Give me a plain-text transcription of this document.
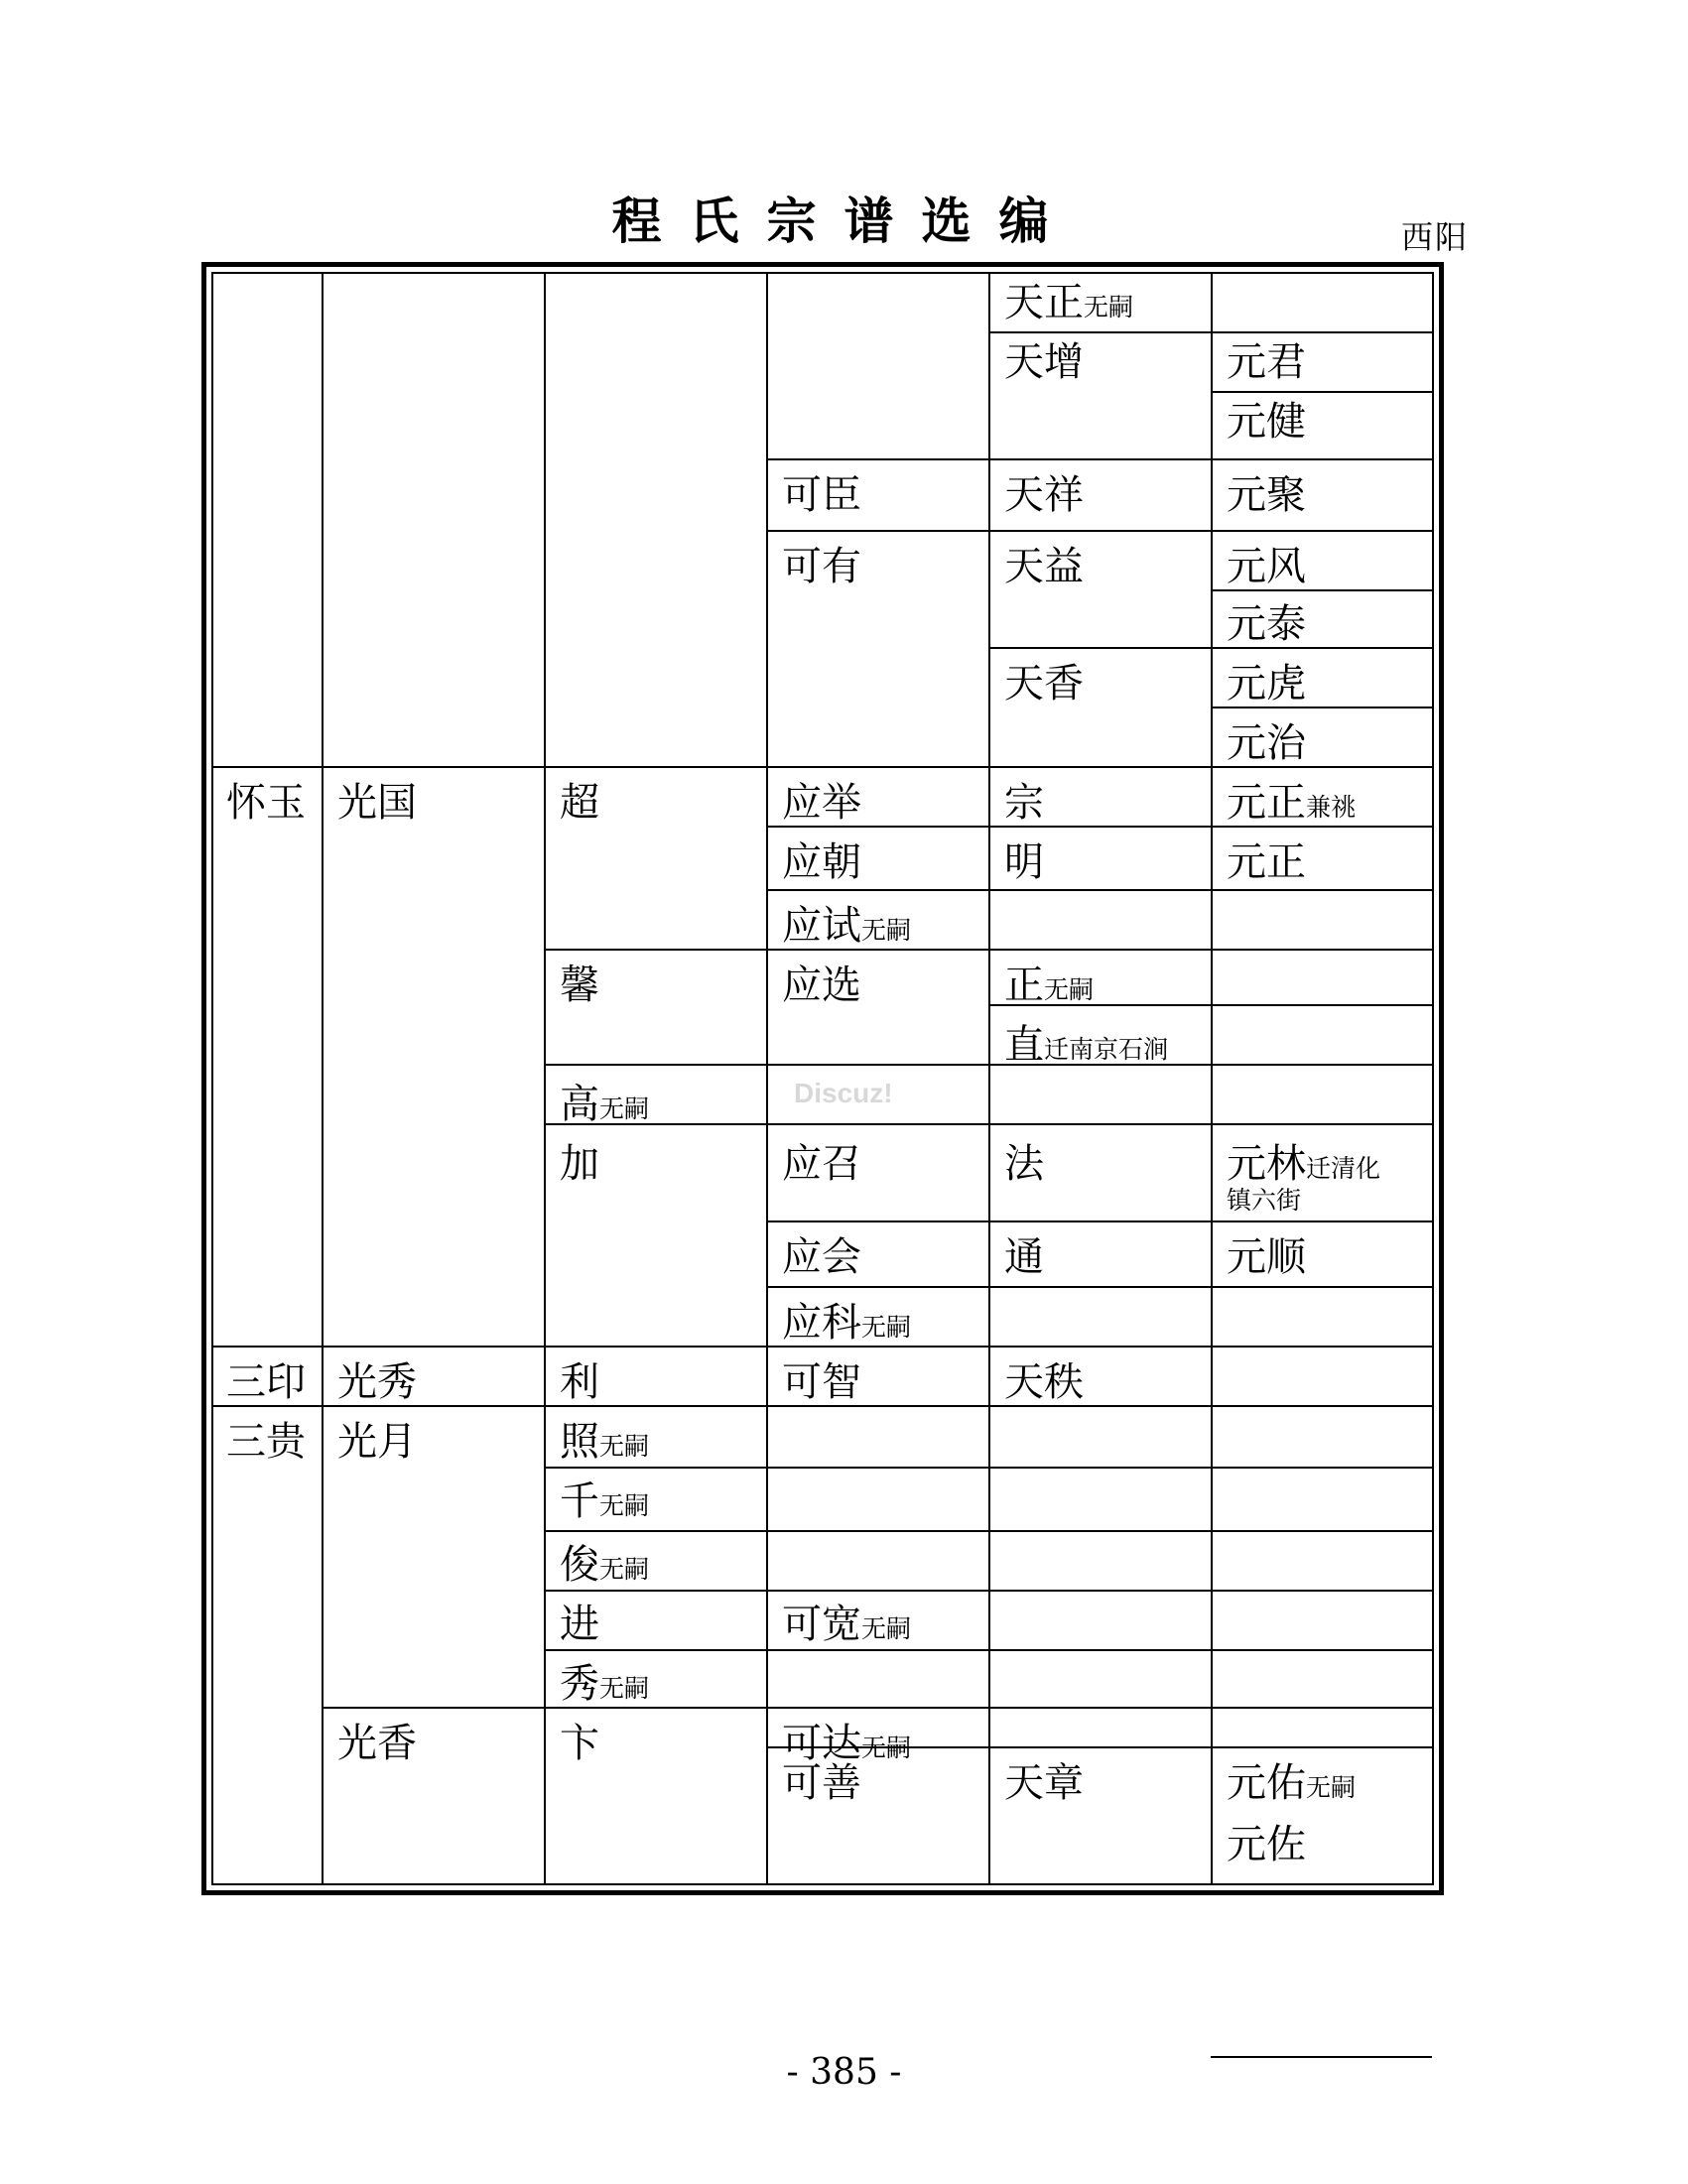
程氏宗谱选编	西阳
怀玉
三印
三贵
光国
光秀
光月
光香
超
馨
高无嗣
加
利
照无嗣
千无嗣
俊无嗣
进
秀无嗣
卞
可臣
可有
应举
应朝
应试无嗣
应选
应召
应会
应科无嗣
可智
可宽无嗣
可达无嗣
可善
天正无嗣
天增
天祥
天益
天香
宗
明
正无嗣
直迁南京石涧
法
通
天秩
天章
元君
元健
元聚
元风
元泰
元虎
元治
元正兼祧
元正
元林迁清化
镇六街
元顺
元佑无嗣
元佐
Discuz!
- 385 -
